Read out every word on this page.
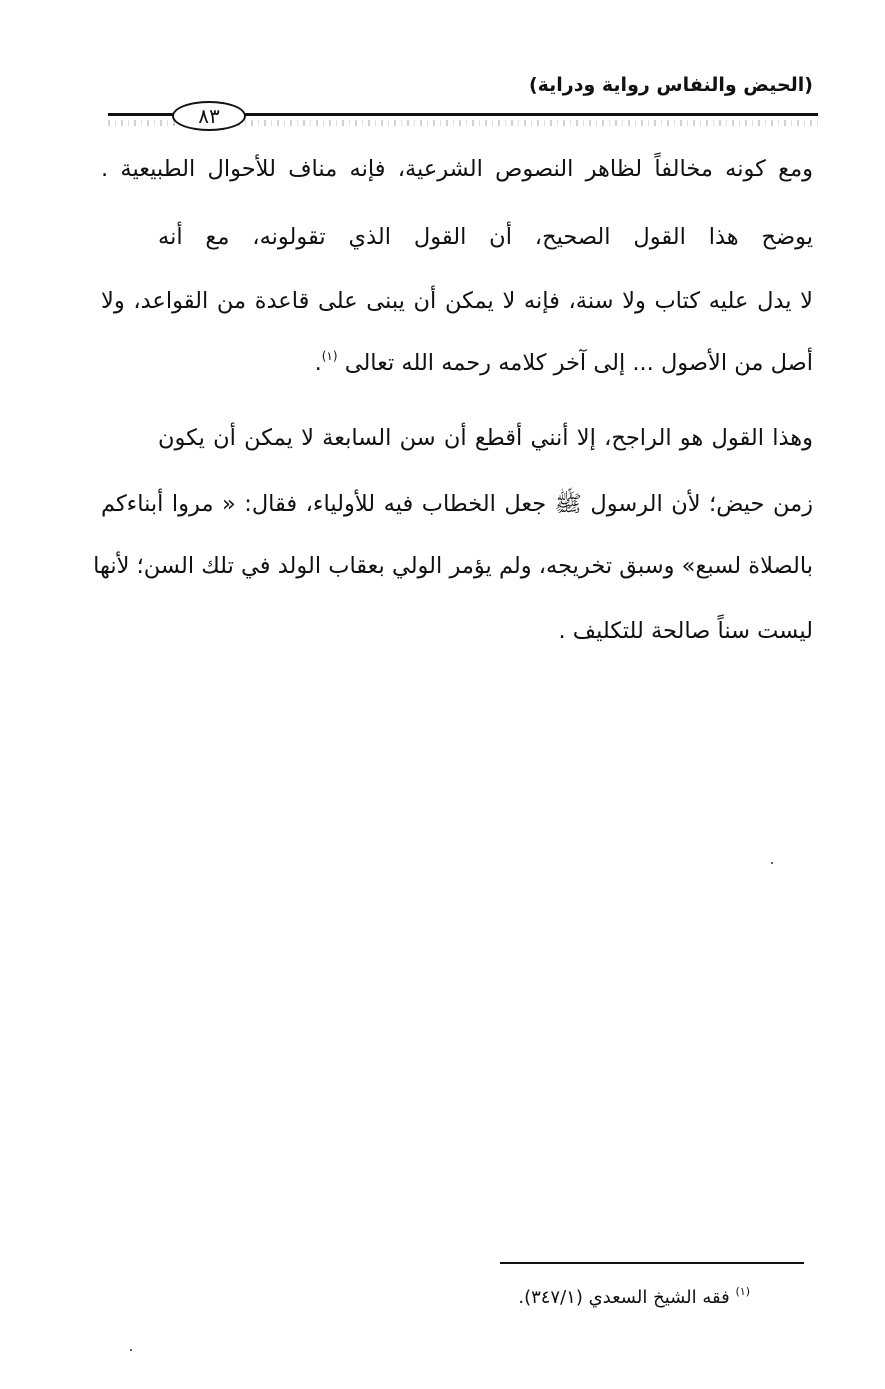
(الحيض والنفاس رواية ودراية)
٨٣
ومع كونه مخالفاً لظاهر النصوص الشرعية، فإنه مناف للأحوال الطبيعية .
يوضح هذا القول الصحيح، أن القول الذي تقولونه، مع أنه
لا يدل عليه كتاب ولا سنة، فإنه لا يمكن أن يبنى على قاعدة من القواعد، ولا
أصل من الأصول ... إلى آخر كلامه رحمه الله تعالى $^{(١)}$.
وهذا القول هو الراجح، إلا أنني أقطع أن سن السابعة لا يمكن أن يكون
زمن حيض؛ لأن الرسول ﷺ جعل الخطاب فيه للأولياء، فقال: « مروا أبناءكم
بالصلاة لسبع» وسبق تخريجه، ولم يؤمر الولي بعقاب الولد في تلك السن؛ لأنها
ليست سناً صالحة للتكليف .
$^{(١)}$ فقه الشيخ السعدي (٣٤٧/١).
